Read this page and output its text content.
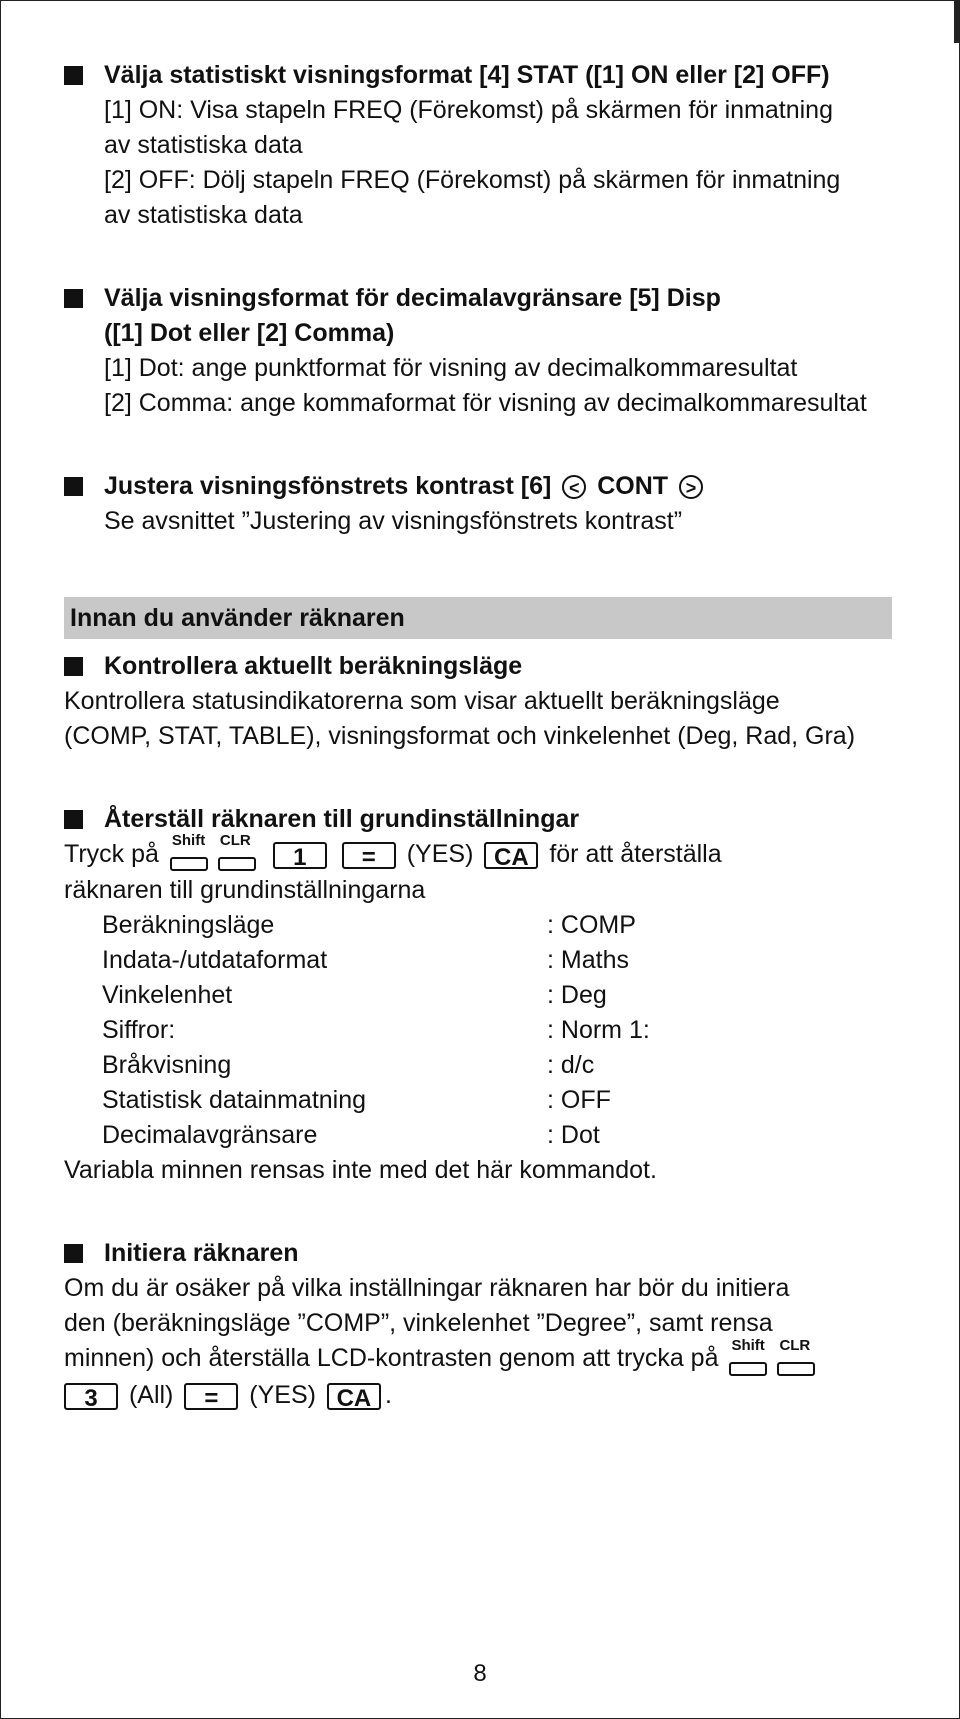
Välja statistiskt visningsformat [4] STAT ([1] ON eller [2] OFF)
[1] ON: Visa stapeln FREQ (Förekomst) på skärmen för inmatning
av statistiska data
[2] OFF: Dölj stapeln FREQ (Förekomst) på skärmen för inmatning
av statistiska data
Välja visningsformat för decimalavgränsare [5] Disp
([1] Dot eller [2] Comma)
[1] Dot: ange punktformat för visning av decimalkommaresultat
[2] Comma: ange kommaformat för visning av decimalkommaresultat
Justera visningsfönstrets kontrast [6] < CONT >
Se avsnittet ”Justering av visningsfönstrets kontrast”
Innan du använder räknaren
Kontrollera aktuellt beräkningsläge
Kontrollera statusindikatorerna som visar aktuellt beräkningsläge
(COMP, STAT, TABLE), visningsformat och vinkelenhet (Deg, Rad, Gra)
Återställ räknaren till grundinställningar
Tryck på Shift CLR
1 = (YES) CA för att återställa
räknaren till grundinställningarna
Beräkningsläge	: COMP
Indata-/utdataformat	: Maths
Vinkelenhet	: Deg
Siffror:	: Norm 1:
Bråkvisning	: d/c
Statistisk datainmatning	: OFF
Decimalavgränsare	: Dot
Variabla minnen rensas inte med det här kommandot.
Initiera räknaren
Om du är osäker på vilka inställningar räknaren har bör du initiera
den (beräkningsläge ”COMP”, vinkelenhet ”Degree”, samt rensa
minnen) och återställa LCD-kontrasten genom att trycka på Shift CLR
3 (All) = (YES) CA .
8
